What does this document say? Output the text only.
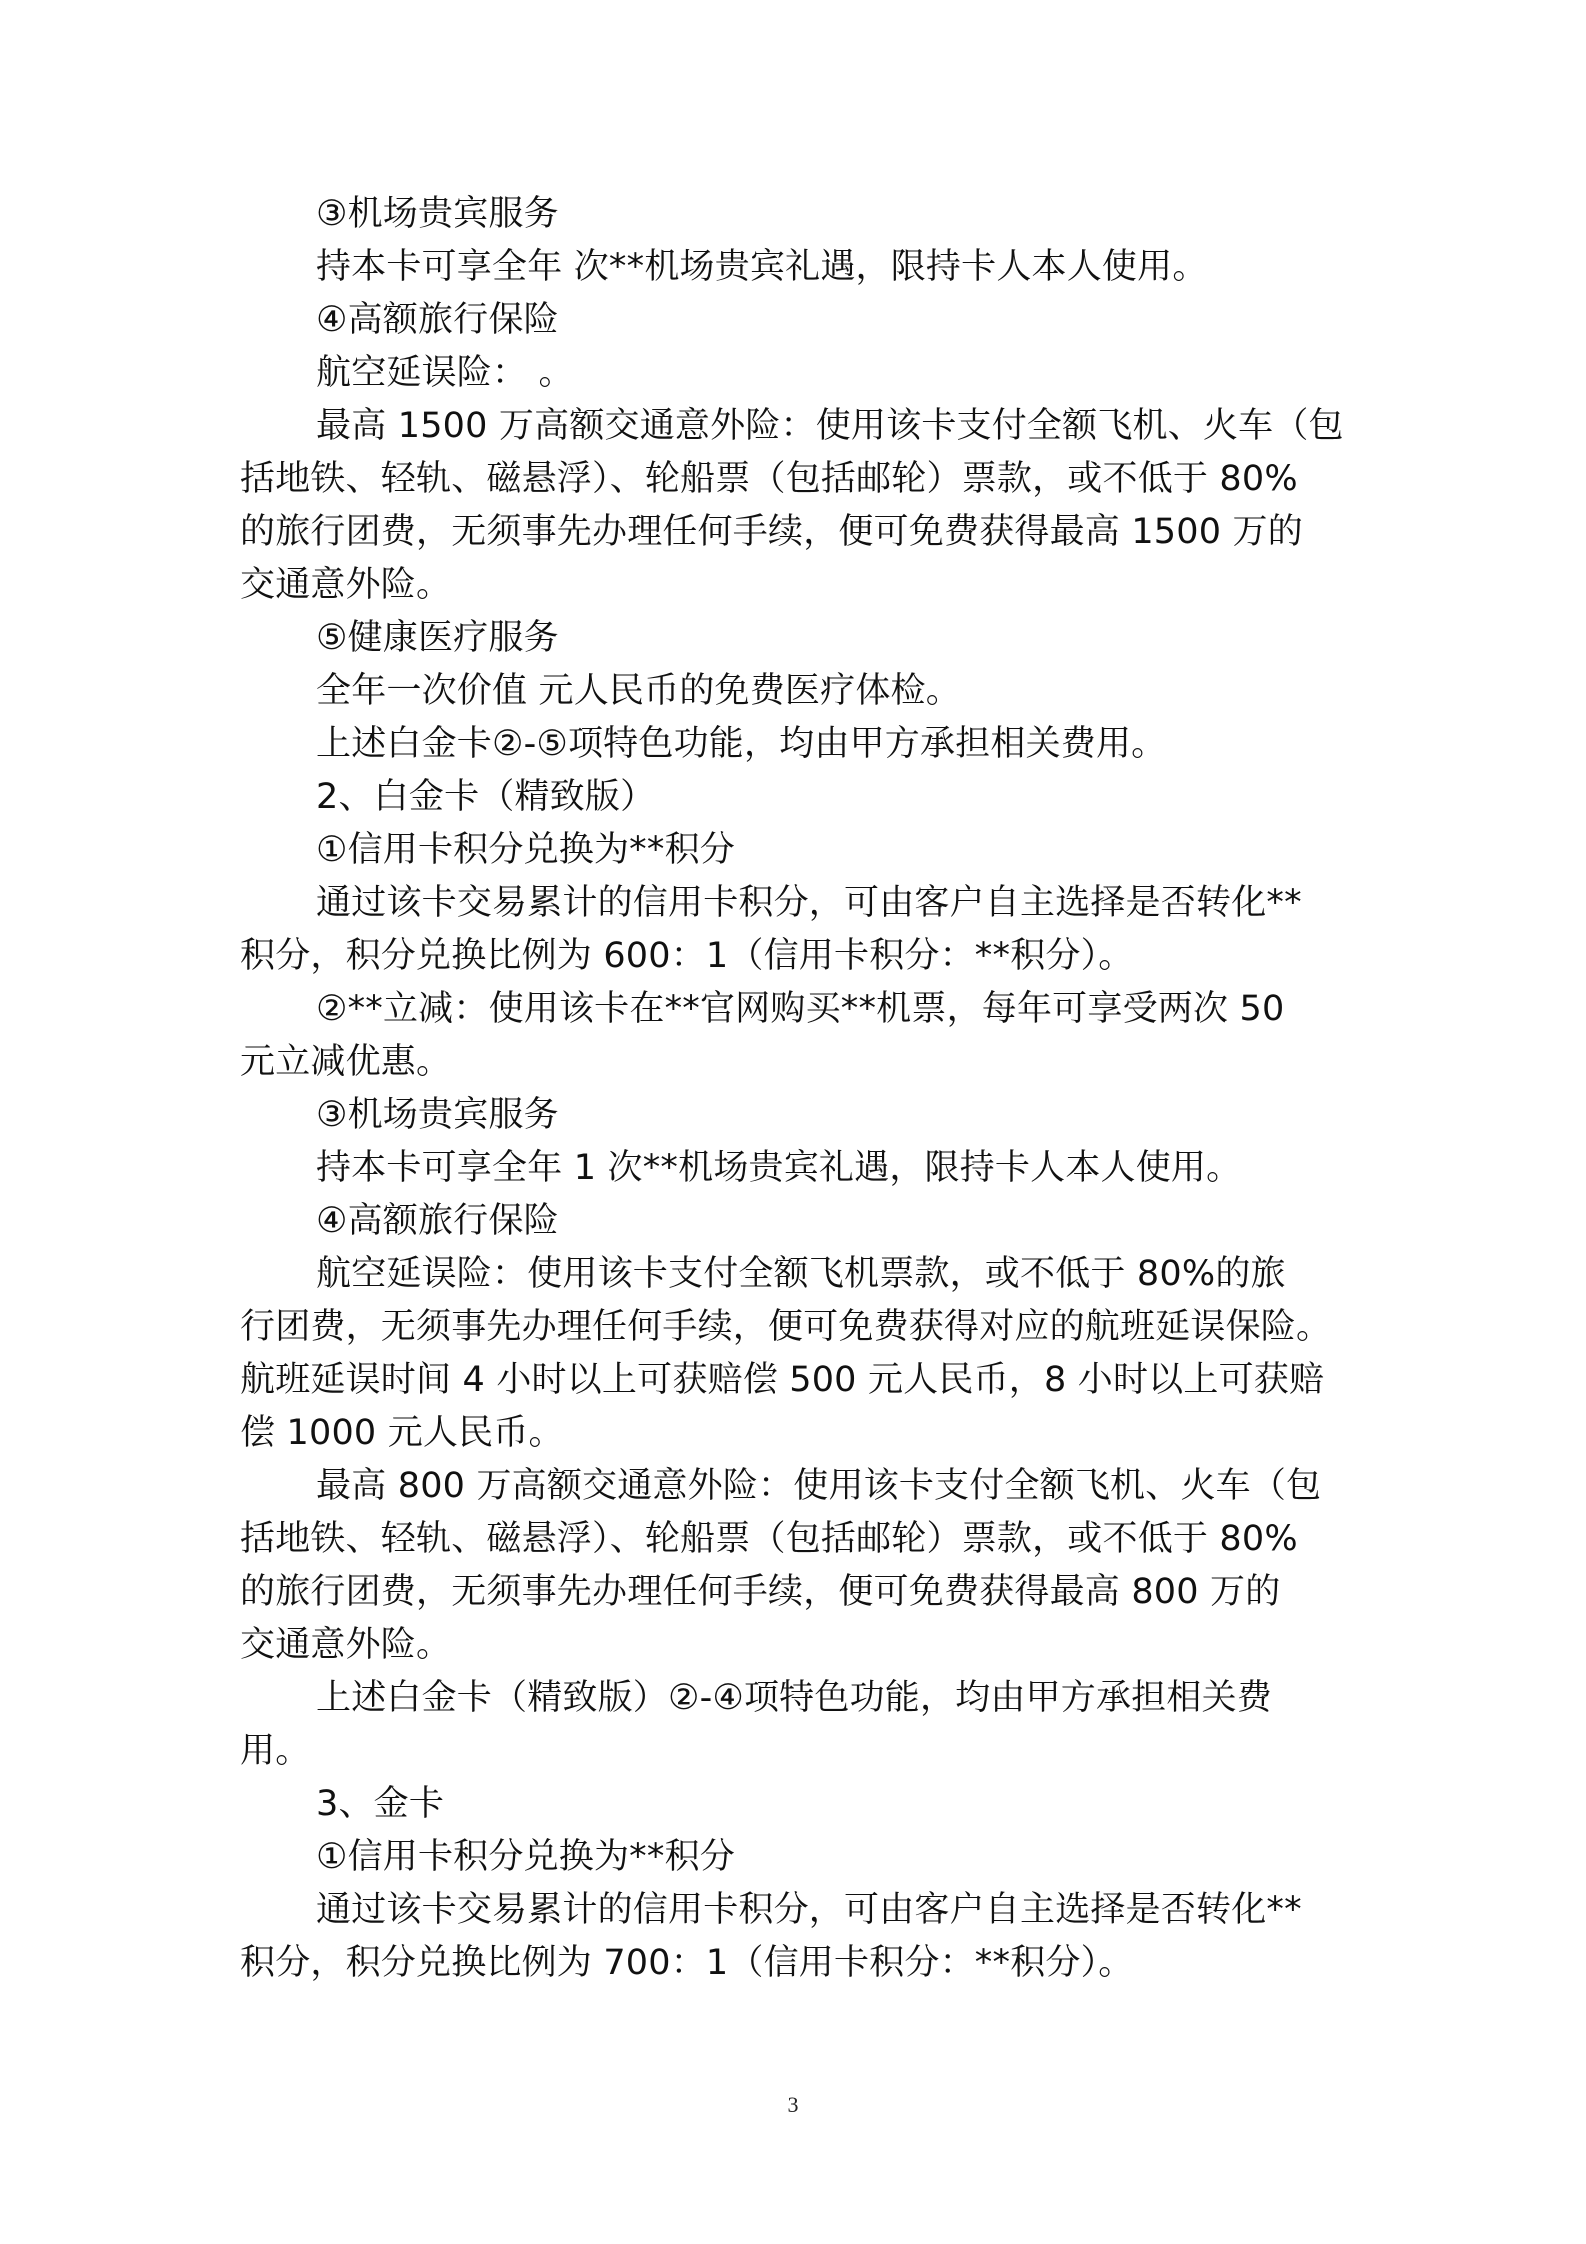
③机场贵宾服务
持本卡可享全年 次**机场贵宾礼遇，限持卡人本人使用。
④高额旅行保险
航空延误险： 。
最高 1500 万高额交通意外险：使用该卡支付全额飞机、火车（包
括地铁、轻轨、磁悬浮）、轮船票（包括邮轮）票款，或不低于 80%
的旅行团费，无须事先办理任何手续，便可免费获得最高 1500 万的
交通意外险。
⑤健康医疗服务
全年一次价值 元人民币的免费医疗体检。
上述白金卡②-⑤项特色功能，均由甲方承担相关费用。
2、白金卡（精致版）
①信用卡积分兑换为**积分
通过该卡交易累计的信用卡积分，可由客户自主选择是否转化**
积分，积分兑换比例为 600：1（信用卡积分：**积分）。
②**立减：使用该卡在**官网购买**机票，每年可享受两次 50
元立减优惠。
③机场贵宾服务
持本卡可享全年 1 次**机场贵宾礼遇，限持卡人本人使用。
④高额旅行保险
航空延误险：使用该卡支付全额飞机票款，或不低于 80%的旅
行团费，无须事先办理任何手续，便可免费获得对应的航班延误保险。
航班延误时间 4 小时以上可获赔偿 500 元人民币，8 小时以上可获赔
偿 1000 元人民币。
最高 800 万高额交通意外险：使用该卡支付全额飞机、火车（包
括地铁、轻轨、磁悬浮）、轮船票（包括邮轮）票款，或不低于 80%
的旅行团费，无须事先办理任何手续，便可免费获得最高 800 万的
交通意外险。
上述白金卡（精致版）②-④项特色功能，均由甲方承担相关费
用。
3、金卡
①信用卡积分兑换为**积分
通过该卡交易累计的信用卡积分，可由客户自主选择是否转化**
积分，积分兑换比例为 700：1（信用卡积分：**积分）。
3
